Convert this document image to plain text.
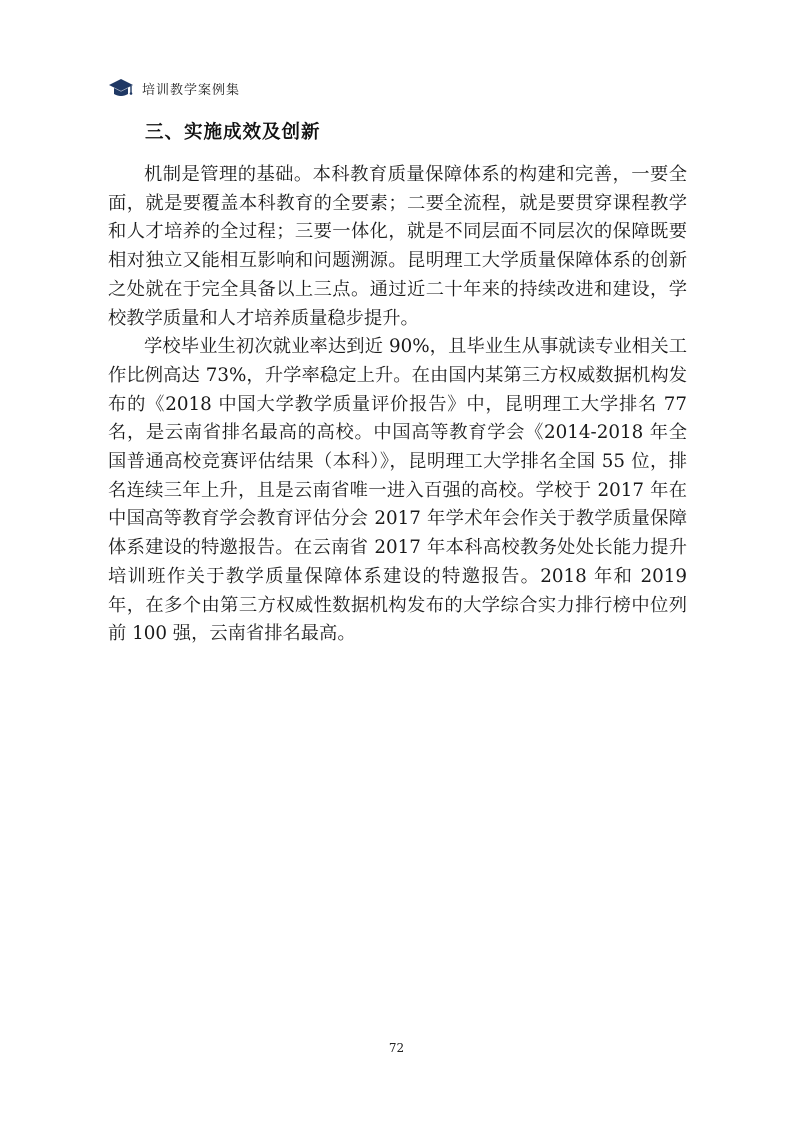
培训教学案例集
三、实施成效及创新

机制是管理的基础。本科教育质量保障体系的构建和完善，一要全面，就是要覆盖本科教育的全要素；二要全流程，就是要贯穿课程教学和人才培养的全过程；三要一体化，就是不同层面不同层次的保障既要相对独立又能相互影响和问题溯源。昆明理工大学质量保障体系的创新之处就在于完全具备以上三点。通过近二十年来的持续改进和建设，学校教学质量和人才培养质量稳步提升。

学校毕业生初次就业率达到近 90%，且毕业生从事就读专业相关工作比例高达 73%，升学率稳定上升。在由国内某第三方权威数据机构发布的《2018 中国大学教学质量评价报告》中，昆明理工大学排名 77 名，是云南省排名最高的高校。中国高等教育学会《2014-2018 年全国普通高校竞赛评估结果（本科）》，昆明理工大学排名全国 55 位，排名连续三年上升，且是云南省唯一进入百强的高校。学校于 2017 年在中国高等教育学会教育评估分会 2017 年学术年会作关于教学质量保障体系建设的特邀报告。在云南省 2017 年本科高校教务处处长能力提升培训班作关于教学质量保障体系建设的特邀报告。2018 年和 2019 年，在多个由第三方权威性数据机构发布的大学综合实力排行榜中位列前 100 强，云南省排名最高。

72
